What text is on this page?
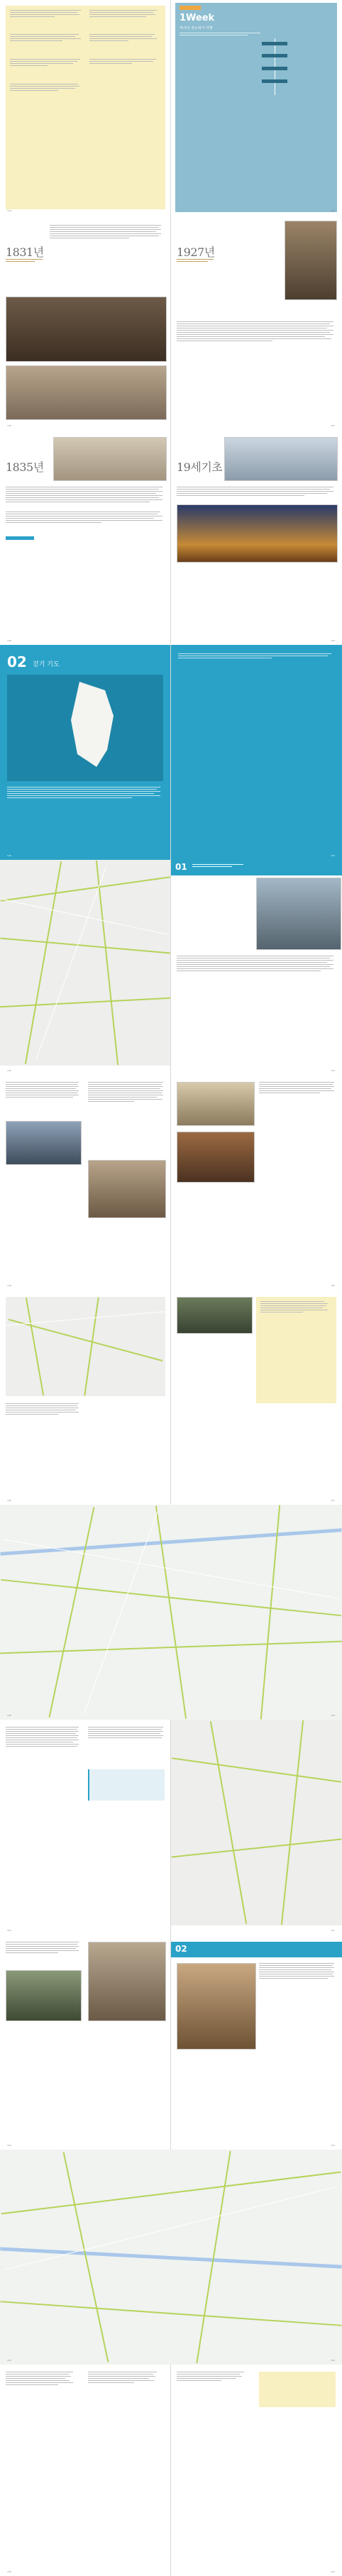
134
1Week
역사의 장소에서 여행
135
1831년
136
1927년
137
1835년
138
19세기초
139
02 걷기 기도
140	141
142
01
143
144	145
146	147
148	149
150	151
152
02
153
154	155
156	157
